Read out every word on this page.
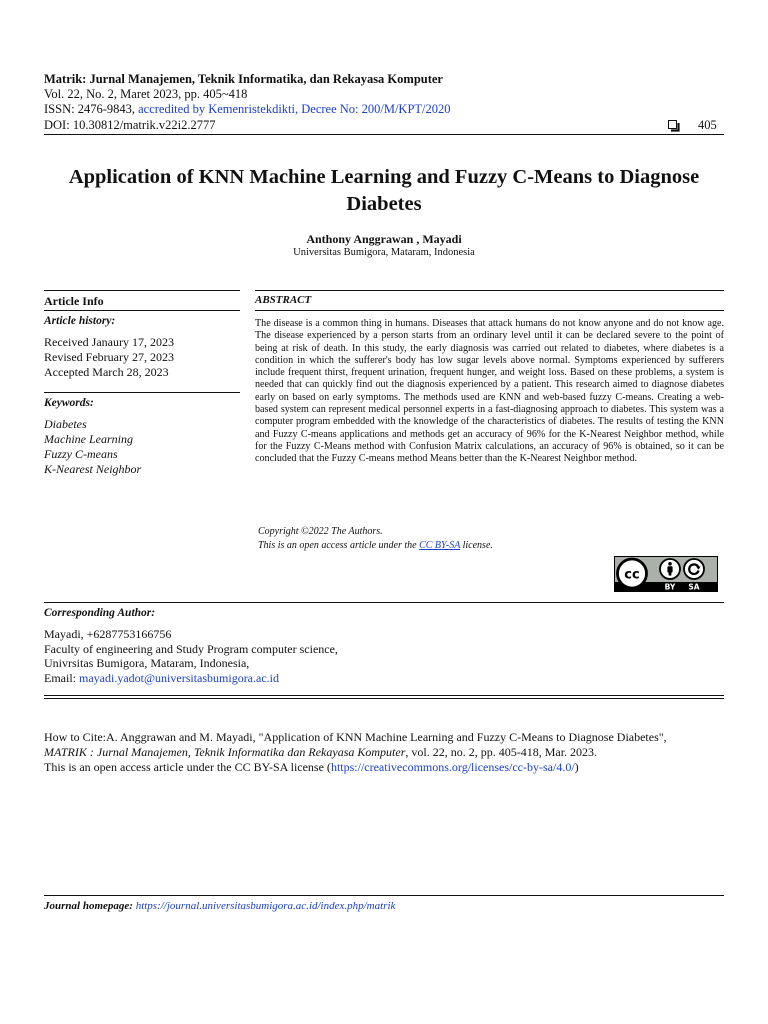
Matrik: Jurnal Manajemen, Teknik Informatika, dan Rekayasa Komputer
Vol. 22, No. 2, Maret 2023, pp. 405~418
ISSN: 2476-9843, accredited by Kemenristekdikti, Decree No: 200/M/KPT/2020
DOI: 10.30812/matrik.v22i2.2777	405
Application of KNN Machine Learning and Fuzzy C-Means to Diagnose Diabetes
Anthony Anggrawan , Mayadi
Universitas Bumigora, Mataram, Indonesia
Article Info
Article history:
Received Janaury 17, 2023
Revised February 27, 2023
Accepted March 28, 2023
Keywords:
Diabetes
Machine Learning
Fuzzy C-means
K-Nearest Neighbor
ABSTRACT
The disease is a common thing in humans. Diseases that attack humans do not know anyone and do not know age. The disease experienced by a person starts from an ordinary level until it can be declared severe to the point of being at risk of death. In this study, the early diagnosis was carried out related to diabetes, where diabetes is a condition in which the sufferer's body has low sugar levels above normal. Symptoms experienced by sufferers include frequent thirst, frequent urination, frequent hunger, and weight loss. Based on these problems, a system is needed that can quickly find out the diagnosis experienced by a patient. This research aimed to diagnose diabetes early on based on early symptoms. The methods used are KNN and web-based fuzzy C-means. Creating a web-based system can represent medical personnel experts in a fast-diagnosing approach to diabetes. This system was a computer program embedded with the knowledge of the characteristics of diabetes. The results of testing the KNN and Fuzzy C-means applications and methods get an accuracy of 96% for the K-Nearest Neighbor method, while for the Fuzzy C-Means method with Confusion Matrix calculations, an accuracy of 96% is obtained, so it can be concluded that the Fuzzy C-means method Means better than the K-Nearest Neighbor method.
Copyright ©2022 The Authors.
This is an open access article under the CC BY-SA license.
cc
BY SA
Corresponding Author:
Mayadi, +6287753166756
Faculty of engineering and Study Program computer science,
Univrsitas Bumigora, Mataram, Indonesia,
Email: mayadi.yadot@universitasbumigora.ac.id
How to Cite:A. Anggrawan and M. Mayadi, "Application of KNN Machine Learning and Fuzzy C-Means to Diagnose Diabetes",
MATRIK : Jurnal Manajemen, Teknik Informatika dan Rekayasa Komputer, vol. 22, no. 2, pp. 405-418, Mar. 2023.
This is an open access article under the CC BY-SA license (https://creativecommons.org/licenses/cc-by-sa/4.0/)
Journal homepage: https://journal.universitasbumigora.ac.id/index.php/matrik
